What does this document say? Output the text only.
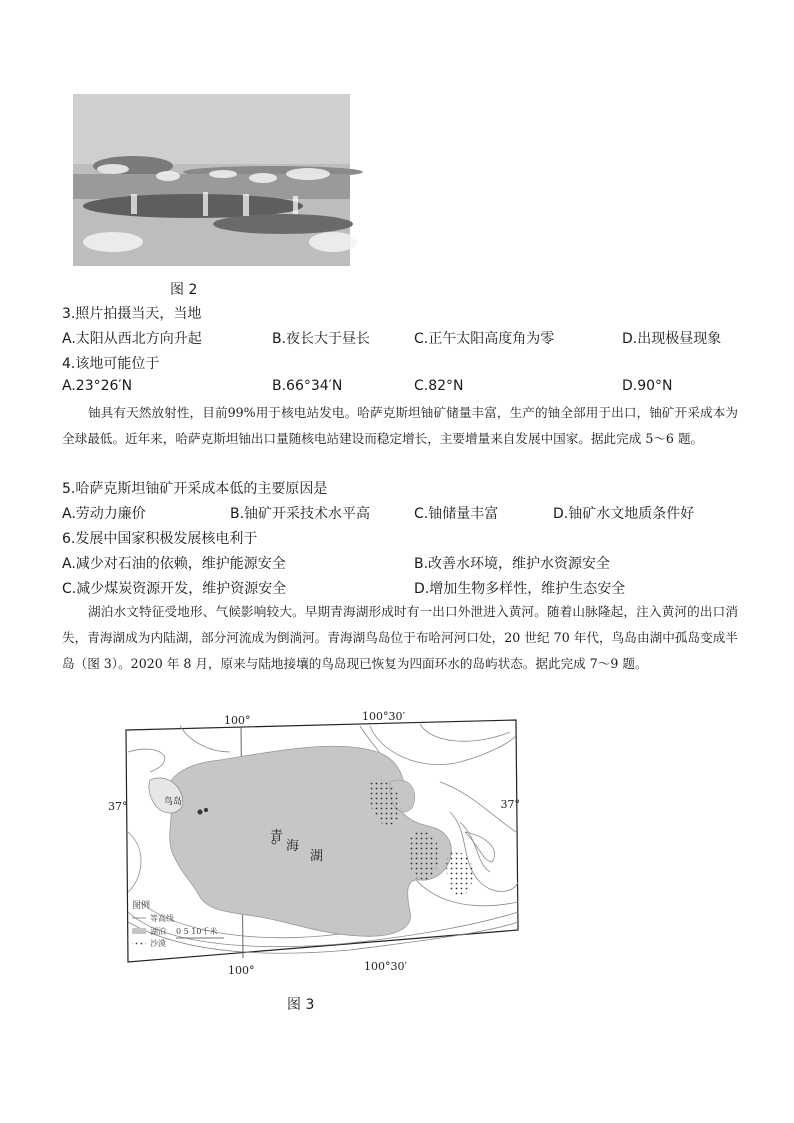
图 2
3.照片拍摄当天，当地
A.太阳从西北方向升起	B.夜长大于昼长	C.正午太阳高度角为零	D.出现极昼现象
4.该地可能位于
A.23°26′N	B.66°34′N	C.82°N	D.90°N
铀具有天然放射性，目前99%用于核电站发电。哈萨克斯坦铀矿储量丰富，生产的铀全部用于出口，铀矿开采成本为全球最低。近年来，哈萨克斯坦铀出口量随核电站建设而稳定增长，主要增量来自发展中国家。据此完成 5～6 题。
5.哈萨克斯坦铀矿开采成本低的主要原因是
A.劳动力廉价	B.铀矿开采技术水平高	C.铀储量丰富	D.铀矿水文地质条件好
6.发展中国家积极发展核电利于
A.减少对石油的依赖，维护能源安全	B.改善水环境，维护水资源安全
C.减少煤炭资源开发，维护资源安全	D.增加生物多样性，维护生态安全
湖泊水文特征受地形、气候影响较大。早期青海湖形成时有一出口外泄进入黄河。随着山脉隆起，注入黄河的出口消失，青海湖成为内陆湖，部分河流成为倒淌河。青海湖鸟岛位于布哈河河口处，20 世纪 70 年代，鸟岛由湖中孤岛变成半岛（图 3）。2020 年 8 月，原来与陆地接壤的鸟岛现已恢复为四面环水的岛屿状态。据此完成 7～9 题。
100°	100°30′
100°	100°30′
37°	37°
青
海
湖
鸟岛
图例
等高线
湖泊
沙漠
0 5 10千米
图 3
